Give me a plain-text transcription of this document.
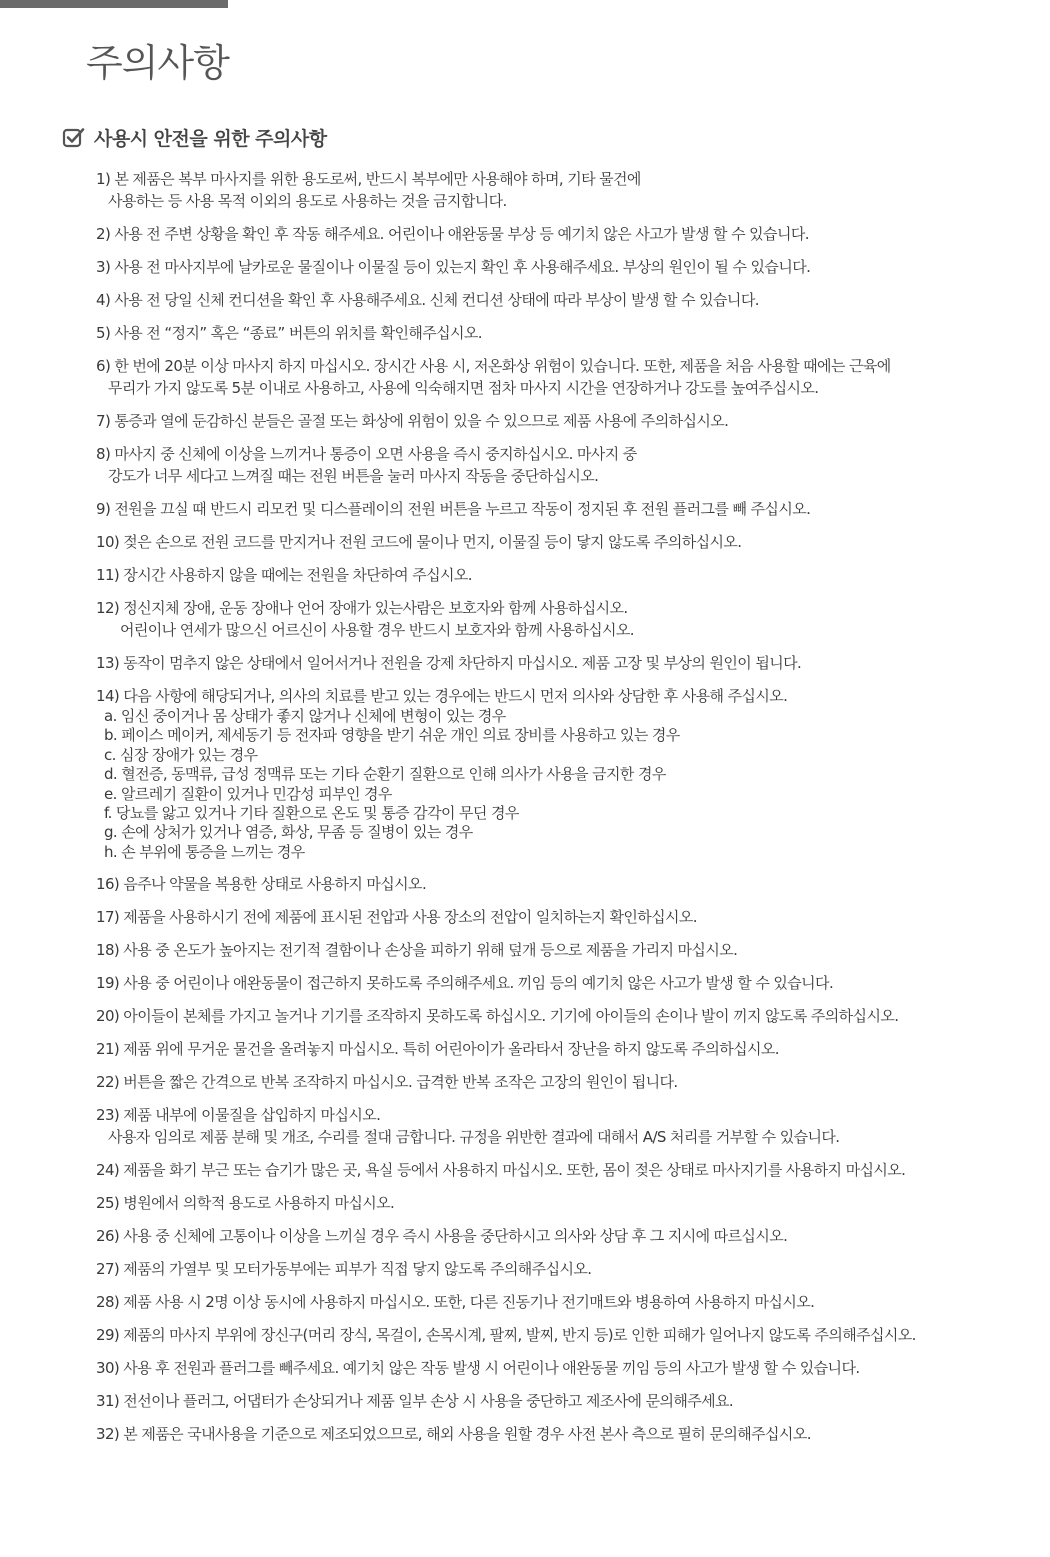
주의사항
사용시 안전을 위한 주의사항
1) 본 제품은 복부 마사지를 위한 용도로써, 반드시 복부에만 사용해야 하며, 기타 물건에
사용하는 등 사용 목적 이외의 용도로 사용하는 것을 금지합니다.
2) 사용 전 주변 상황을 확인 후 작동 해주세요. 어린이나 애완동물 부상 등 예기치 않은 사고가 발생 할 수 있습니다.
3) 사용 전 마사지부에 날카로운 물질이나 이물질 등이 있는지 확인 후 사용해주세요. 부상의 원인이 될 수 있습니다.
4) 사용 전 당일 신체 컨디션을 확인 후 사용해주세요. 신체 컨디션 상태에 따라 부상이 발생 할 수 있습니다.
5) 사용 전 “정지” 혹은 “종료” 버튼의 위치를 확인해주십시오.
6) 한 번에 20분 이상 마사지 하지 마십시오. 장시간 사용 시, 저온화상 위험이 있습니다. 또한, 제품을 처음 사용할 때에는 근육에
무리가 가지 않도록 5분 이내로 사용하고, 사용에 익숙해지면 점차 마사지 시간을 연장하거나 강도를 높여주십시오.
7) 통증과 열에 둔감하신 분들은 골절 또는 화상에 위험이 있을 수 있으므로 제품 사용에 주의하십시오.
8) 마사지 중 신체에 이상을 느끼거나 통증이 오면 사용을 즉시 중지하십시오. 마사지 중
강도가 너무 세다고 느껴질 때는 전원 버튼을 눌러 마사지 작동을 중단하십시오.
9) 전원을 끄실 때 반드시 리모컨 및 디스플레이의 전원 버튼을 누르고 작동이 정지된 후 전원 플러그를 빼 주십시오.
10) 젖은 손으로 전원 코드를 만지거나 전원 코드에 물이나 먼지, 이물질 등이 닿지 않도록 주의하십시오.
11) 장시간 사용하지 않을 때에는 전원을 차단하여 주십시오.
12) 정신지체 장애, 운동 장애나 언어 장애가 있는사람은 보호자와 함께 사용하십시오.
어린이나 연세가 많으신 어르신이 사용할 경우 반드시 보호자와 함께 사용하십시오.
13) 동작이 멈추지 않은 상태에서 일어서거나 전원을 강제 차단하지 마십시오. 제품 고장 및 부상의 원인이 됩니다.
14) 다음 사항에 해당되거나, 의사의 치료를 받고 있는 경우에는 반드시 먼저 의사와 상담한 후 사용해 주십시오.
a. 임신 중이거나 몸 상태가 좋지 않거나 신체에 변형이 있는 경우
b. 페이스 메이커, 제세동기 등 전자파 영향을 받기 쉬운 개인 의료 장비를 사용하고 있는 경우
c. 심장 장애가 있는 경우
d. 혈전증, 동맥류, 급성 정맥류 또는 기타 순환기 질환으로 인해 의사가 사용을 금지한 경우
e. 알르레기 질환이 있거나 민감성 피부인 경우
f. 당뇨를 앓고 있거나 기타 질환으로 온도 및 통증 감각이 무딘 경우
g. 손에 상처가 있거나 염증, 화상, 무좀 등 질병이 있는 경우
h. 손 부위에 통증을 느끼는 경우
16) 음주나 약물을 복용한 상태로 사용하지 마십시오.
17) 제품을 사용하시기 전에 제품에 표시된 전압과 사용 장소의 전압이 일치하는지 확인하십시오.
18) 사용 중 온도가 높아지는 전기적 결함이나 손상을 피하기 위해 덮개 등으로 제품을 가리지 마십시오.
19) 사용 중 어린이나 애완동물이 접근하지 못하도록 주의해주세요. 끼임 등의 예기치 않은 사고가 발생 할 수 있습니다.
20) 아이들이 본체를 가지고 놀거나 기기를 조작하지 못하도록 하십시오. 기기에 아이들의 손이나 발이 끼지 않도록 주의하십시오.
21) 제품 위에 무거운 물건을 올려놓지 마십시오. 특히 어린아이가 올라타서 장난을 하지 않도록 주의하십시오.
22) 버튼을 짧은 간격으로 반복 조작하지 마십시오. 급격한 반복 조작은 고장의 원인이 됩니다.
23) 제품 내부에 이물질을 삽입하지 마십시오.
사용자 임의로 제품 분해 및 개조, 수리를 절대 금합니다. 규정을 위반한 결과에 대해서 A/S 처리를 거부할 수 있습니다.
24) 제품을 화기 부근 또는 습기가 많은 곳, 욕실 등에서 사용하지 마십시오. 또한, 몸이 젖은 상태로 마사지기를 사용하지 마십시오.
25) 병원에서 의학적 용도로 사용하지 마십시오.
26) 사용 중 신체에 고통이나 이상을 느끼실 경우 즉시 사용을 중단하시고 의사와 상담 후 그 지시에 따르십시오.
27) 제품의 가열부 및 모터가동부에는 피부가 직접 닿지 않도록 주의해주십시오.
28) 제품 사용 시 2명 이상 동시에 사용하지 마십시오. 또한, 다른 진동기나 전기매트와 병용하여 사용하지 마십시오.
29) 제품의 마사지 부위에 장신구(머리 장식, 목걸이, 손목시계, 팔찌, 발찌, 반지 등)로 인한 피해가 일어나지 않도록 주의해주십시오.
30) 사용 후 전원과 플러그를 빼주세요. 예기치 않은 작동 발생 시 어린이나 애완동물 끼임 등의 사고가 발생 할 수 있습니다.
31) 전선이나 플러그, 어댑터가 손상되거나 제품 일부 손상 시 사용을 중단하고 제조사에 문의해주세요.
32) 본 제품은 국내사용을 기준으로 제조되었으므로, 해외 사용을 원할 경우 사전 본사 측으로 필히 문의해주십시오.
